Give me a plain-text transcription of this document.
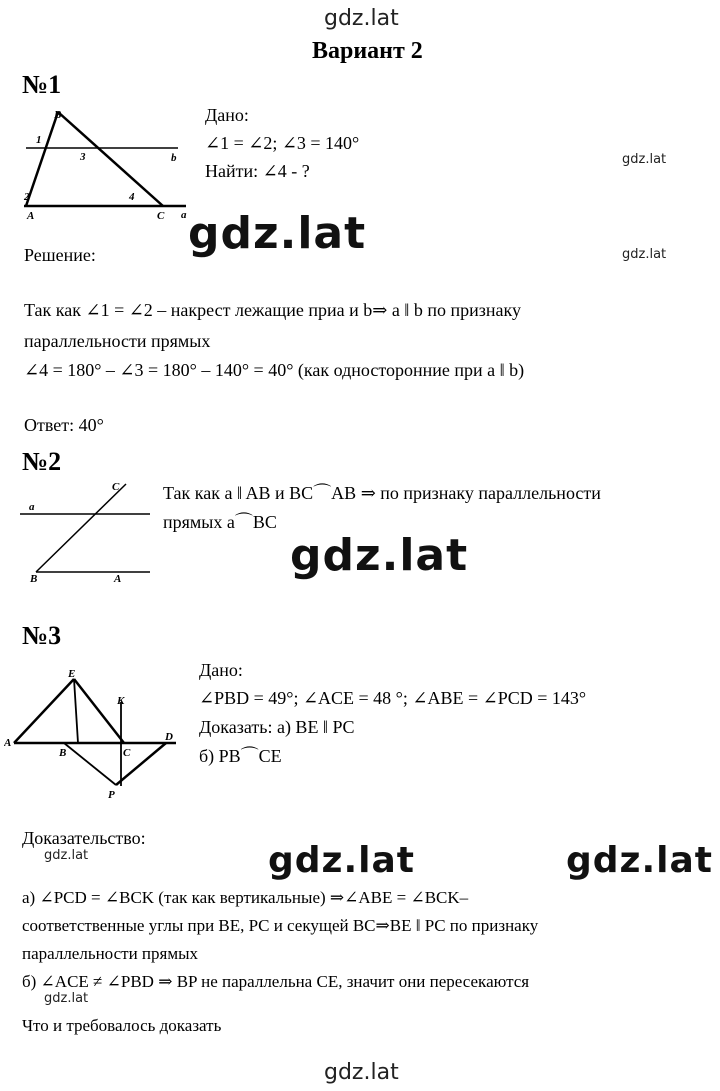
gdz.lat
Вариант 2
№1
B
1
3	b
2	4
A	C a
Дано:
∠1 = ∠2; ∠3 = 140°
Найти: ∠4 - ?
gdz.lat
gdz.lat
Решение:	gdz.lat
Так как ∠1 = ∠2 – накрест лежащие приа и b⇒ a ‖ b по признаку
параллельности прямых
∠4 = 180° – ∠3 = 180° – 140° = 40° (как односторонние при a ‖ b)
Ответ: 40°
№2
C
a
B	A
Так как a ‖ AB и BC⌒AB ⇒ по признаку параллельности
прямых a⌒BC
gdz.lat
№3
E
K
A
B	C
D
P
Дано:
∠PBD = 49°; ∠ACE = 48 °; ∠ABE = ∠PCD = 143°
Доказать: а) BE ‖ PC
б) PB⌒CE
Доказательство:
gdz.lat	gdz.lat	gdz.lat
а) ∠PCD = ∠BCK (так как вертикальные) ⇒∠ABE = ∠BCK–
соответственные углы при BE, PC и секущей BC⇒BE ‖ PC по признаку
параллельности прямых
б) ∠ACE ≠ ∠PBD ⇒ BP не параллельна CE, значит они пересекаются
gdz.lat
Что и требовалось доказать
gdz.lat
